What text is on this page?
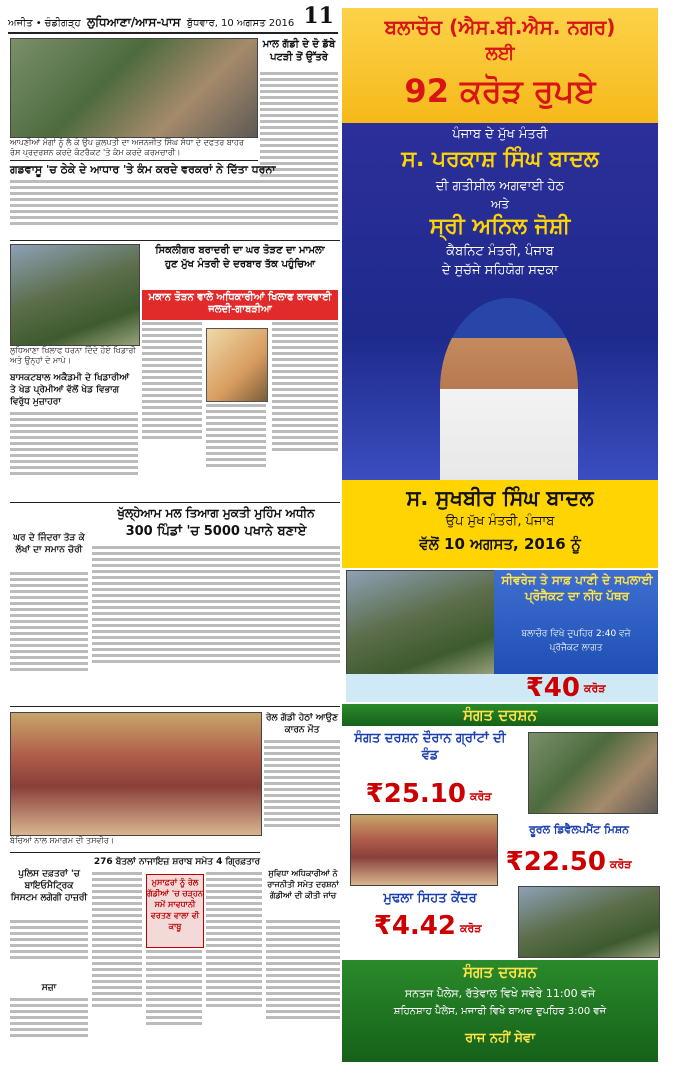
ਅਜੀਤ • ਚੰਡੀਗੜ੍ਹ ਲੁਧਿਆਣਾ/ਆਸ-ਪਾਸ ਬੁੱਧਵਾਰ, 10 ਅਗਸਤ 2016 11
ਆਪਣੀਆਂ ਮੰਗਾਂ ਨੂੰ ਲੈ ਕੇ ਉਪ ਕੁਲਪਤੀ ਦਾ ਅਜਨਜੀਤ ਸਿੰਘ ਸੰਧਾ ਦੇ ਦਫਤਰ ਬਾਹਰ ਰੋਸ ਪ੍ਰਦਰਸ਼ਨ ਕਰਦੇ ਕੰਟਰੈਕਟ 'ਤੇ ਕੰਮ ਕਰਦੇ ਕਰਮਚਾਰੀ।
ਮਾਲ ਗੱਡੀ ਦੇ ਦੋ ਡੱਬੇ ਪਟੜੀ ਤੋਂ ਉੱਤਰੇ
ਗਡਵਾਸੂ 'ਚ ਠੇਕੇ ਦੇ ਆਧਾਰ 'ਤੇ ਕੰਮ ਕਰਦੇ ਵਰਕਰਾਂ ਨੇ ਦਿੱਤਾ ਧਰਨਾ
ਲੁਧਿਆਣਾ ਖਿਲਾਫ ਧਰਨਾ ਦਿੰਦੇ ਹੋਏ ਖਿਡਾਰੀ ਅਤੇ ਉਨ੍ਹਾਂ ਦੇ ਮਾਪੇ।
ਸਿਕਲੀਗਰ ਬਰਾਦਰੀ ਦਾ ਘਰ ਤੋੜਣ ਦਾ ਮਾਮਲਾ
ਹੁਣ ਮੁੱਖ ਮੰਤਰੀ ਦੇ ਦਰਬਾਰ ਤੱਕ ਪਹੁੰਚਿਆ
ਮਕਾਨ ਤੋੜਨ ਵਾਲੇ ਅਧਿਕਾਰੀਆਂ ਖਿਲਾਫ ਕਾਰਵਾਈ ਜਲਦੀ-ਗਾਬੜੀਆ
ਬਾਸਕਟਬਾਲ ਅਕੈਡਮੀ ਦੇ ਖਿਡਾਰੀਆਂ ਤੇ ਖੇਡ ਪ੍ਰੇਮੀਆਂ ਵੱਲੋਂ ਖੇਡ ਵਿਭਾਗ ਵਿਰੁੱਧ ਮੁਜ਼ਾਹਰਾ
ਘਰ ਦੇ ਜਿੰਦਰਾ ਤੋੜ ਕੇ ਲੱਖਾਂ ਦਾ ਸਮਾਨ ਚੋਰੀ
ਖੁੱਲ੍ਹੇਆਮ ਮਲ ਤਿਆਗ ਮੁਕਤੀ ਮੁਹਿੰਮ ਅਧੀਨ
300 ਪਿੰਡਾਂ 'ਚ 5000 ਪਖਾਨੇ ਬਣਾਏ
ਬੱਚਿਆਂ ਨਾਲ ਸਮਾਗਮ ਦੀ ਤਸਵੀਰ।
ਰੇਲ ਗੱਡੀ ਹੇਠਾਂ ਆਉਣ ਕਾਰਨ ਮੌਤ
ਪੁਲਿਸ ਦਫ਼ਤਰਾਂ 'ਚ ਬਾਇਓਮੈਟ੍ਰਿਕ ਸਿਸਟਮ ਲਗੇਗੀ ਹਾਜ਼ਰੀ
ਸਜ਼ਾ
276 ਬੋਤਲਾਂ ਨਾਜਾਇਜ਼ ਸ਼ਰਾਬ ਸਮੇਤ 4 ਗ੍ਰਿਫ਼ਤਾਰ
ਮੁਸਾਫ਼ਰਾਂ ਨੂੰ ਰੇਲ ਗੱਡੀਆਂ 'ਚ ਚੜ੍ਹਨ ਸਮੇਂ ਸਾਵਧਾਨੀ ਵਰਤਣ ਵਾਲਾ ਵੀ ਕਾਬੂ
ਸੁਵਿਧਾ ਅਧਿਕਾਰੀਆਂ ਨੇ ਰਾਜਨੀਤੀ ਸਮੇਤ ਦਰਸ਼ਨਾਂ ਗੱਡੀਆਂ ਦੀ ਕੀਤੀ ਜਾਂਚ
ਬਲਾਚੌਰ (ਐਸ.ਬੀ.ਐਸ. ਨਗਰ)
ਲਈ
92 ਕਰੋੜ ਰੁਪਏ
ਪੰਜਾਬ ਦੇ ਮੁੱਖ ਮੰਤਰੀ
ਸ. ਪਰਕਾਸ਼ ਸਿੰਘ ਬਾਦਲ
ਦੀ ਗਤੀਸ਼ੀਲ ਅਗਵਾਈ ਹੇਠ
ਅਤੇ
ਸ੍ਰੀ ਅਨਿਲ ਜੋਸ਼ੀ
ਕੈਬਨਿਟ ਮੰਤਰੀ, ਪੰਜਾਬ
ਦੇ ਸੁਚੱਜੇ ਸਹਿਯੋਗ ਸਦਕਾ
ਸ. ਸੁਖਬੀਰ ਸਿੰਘ ਬਾਦਲ
ਉਪ ਮੁੱਖ ਮੰਤਰੀ, ਪੰਜਾਬ
ਵੱਲੋਂ 10 ਅਗਸਤ, 2016 ਨੂੰ
ਸੀਵਰੇਜ ਤੇ ਸਾਫ਼ ਪਾਣੀ ਦੇ ਸਪਲਾਈ ਪ੍ਰੋਜੈਕਟ ਦਾ ਨੀਂਹ ਪੱਥਰ
ਬਲਾਚੌਰ ਵਿਖੇ ਦੁਪਹਿਰ 2:40 ਵਜੇ
ਪ੍ਰੋਜੈਕਟ ਲਾਗਤ
₹40 ਕਰੋੜ
ਸੰਗਤ ਦਰਸ਼ਨ
ਸੰਗਤ ਦਰਸ਼ਨ ਦੌਰਾਨ ਗ੍ਰਾਂਟਾਂ ਦੀ ਵੰਡ
₹25.10 ਕਰੋੜ
ਰੂਰਲ ਡਿਵੈਲਪਮੈਂਟ ਮਿਸ਼ਨ
₹22.50 ਕਰੋੜ
ਮੁਢਲਾ ਸਿਹਤ ਕੇਂਦਰ
₹4.42 ਕਰੋੜ
ਸੰਗਤ ਦਰਸ਼ਨ
ਸਨਤਜ ਪੈਲੇਸ, ਰੱਤੇਵਾਲ ਵਿਖੇ ਸਵੇਰੇ 11:00 ਵਜੇ
ਸ਼ਹਿਨਸ਼ਾਹ ਪੈਲੇਸ, ਮਜਾਰੀ ਵਿਖੇ ਬਾਅਦ ਦੁਪਹਿਰ 3:00 ਵਜੇ
ਰਾਜ ਨਹੀਂ ਸੇਵਾ
